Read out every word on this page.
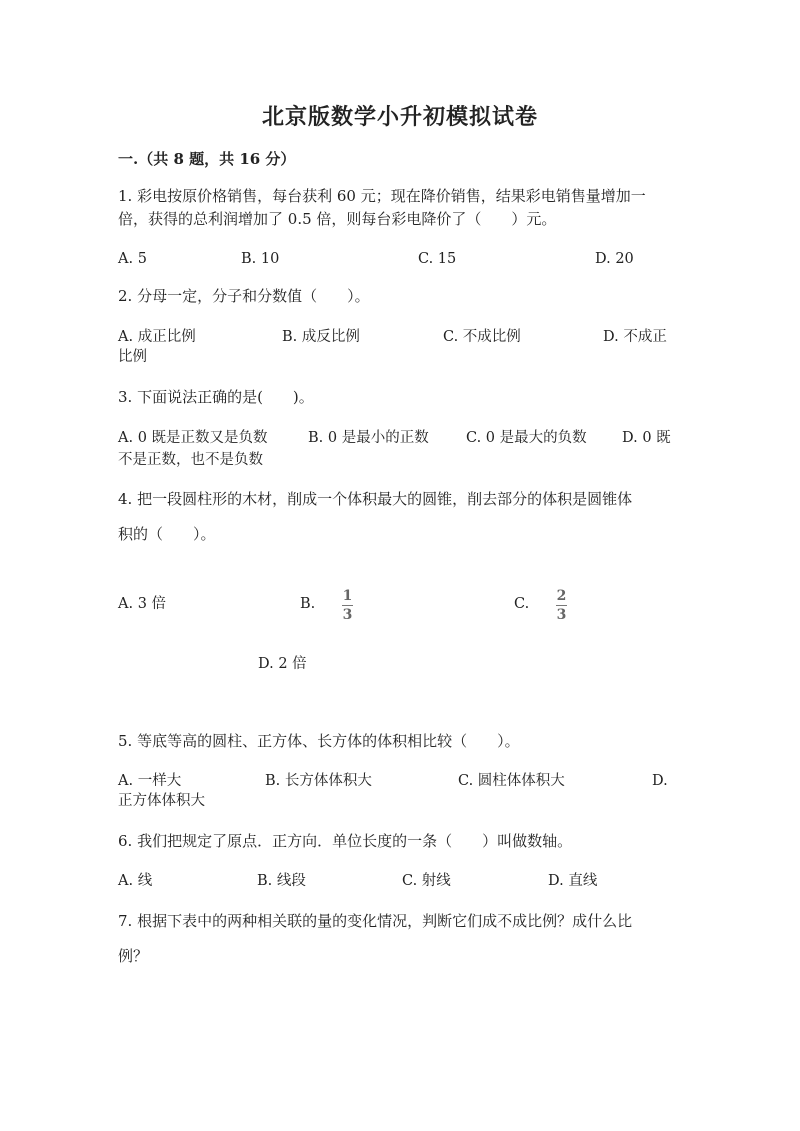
北京版数学小升初模拟试卷
一.（共 8 题，共 16 分）
1. 彩电按原价格销售，每台获利 60 元；现在降价销售，结果彩电销售量增加一
倍，获得的总利润增加了 0.5 倍，则每台彩电降价了（　　）元。
A. 5	B. 10	C. 15	D. 20
2. 分母一定，分子和分数值（　　）。
A. 成正比例	B. 成反比例	C. 不成比例	D. 不成正
比例
3. 下面说法正确的是(　　)。
A. 0 既是正数又是负数	B. 0 是最小的正数	C. 0 是最大的负数 D. 0 既
不是正数，也不是负数
4. 把一段圆柱形的木材，削成一个体积最大的圆锥，削去部分的体积是圆锥体
积的（　　）。
A. 3 倍	B. 1
3
C. 2
3
D. 2 倍
5. 等底等高的圆柱、正方体、长方体的体积相比较（　　）。
A. 一样大	B. 长方体体积大	C. 圆柱体体积大	D.
正方体体积大
6. 我们把规定了原点．正方向．单位长度的一条（　　）叫做数轴。
A. 线	B. 线段	C. 射线	D. 直线
7. 根据下表中的两种相关联的量的变化情况，判断它们成不成比例？成什么比
例？
